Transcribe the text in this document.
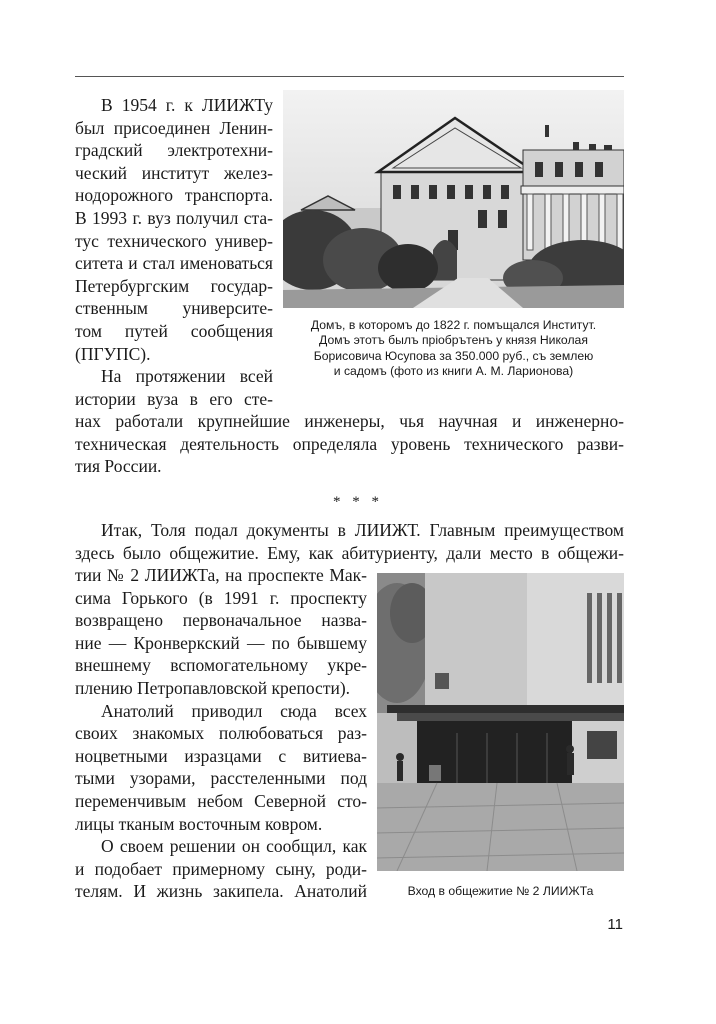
В 1954 г. к ЛИИЖТу

был присоединен Ленин-

градский электротехни-

ческий институт желез-

нодорожного транспорта.

В 1993 г. вуз получил ста-

тус технического универ-

ситета и стал именоваться

Петербургским государ-

ственным университе-

том путей сообщения

(ПГУПС).

На протяжении всей

истории вуза в его сте-

нах работали крупнейшие инженеры, чья научная и инженерно-

техническая деятельность определяла уровень технического разви-

тия России.

Домъ, в которомъ до 1822 г. помъщался Институт.
Домъ этотъ былъ пріобрътенъ у князя Николая
Борисовича Юсупова за 350.000 руб., съ землею
и садомъ (фото из книги А. М. Ларионова)
* * *

Итак, Толя подал документы в ЛИИЖТ. Главным преимуществом

здесь было общежитие. Ему, как абитуриенту, дали место в общежи-

тии № 2 ЛИИЖТа, на проспекте Мак-

сима Горького (в 1991 г. проспекту

возвращено первоначальное назва-

ние — Кронверкский — по бывшему

внешнему вспомогательному укре-

плению Петропавловской крепости).

Анатолий приводил сюда всех

своих знакомых полюбоваться раз-

ноцветными изразцами с витиева-

тыми узорами, расстеленными под

переменчивым небом Северной сто-

лицы тканым восточным ковром.

О своем решении он сообщил, как

и подобает примерному сыну, роди-

телям. И жизнь закипела. Анатолий	Вход в общежитие № 2 ЛИИЖТа
11
